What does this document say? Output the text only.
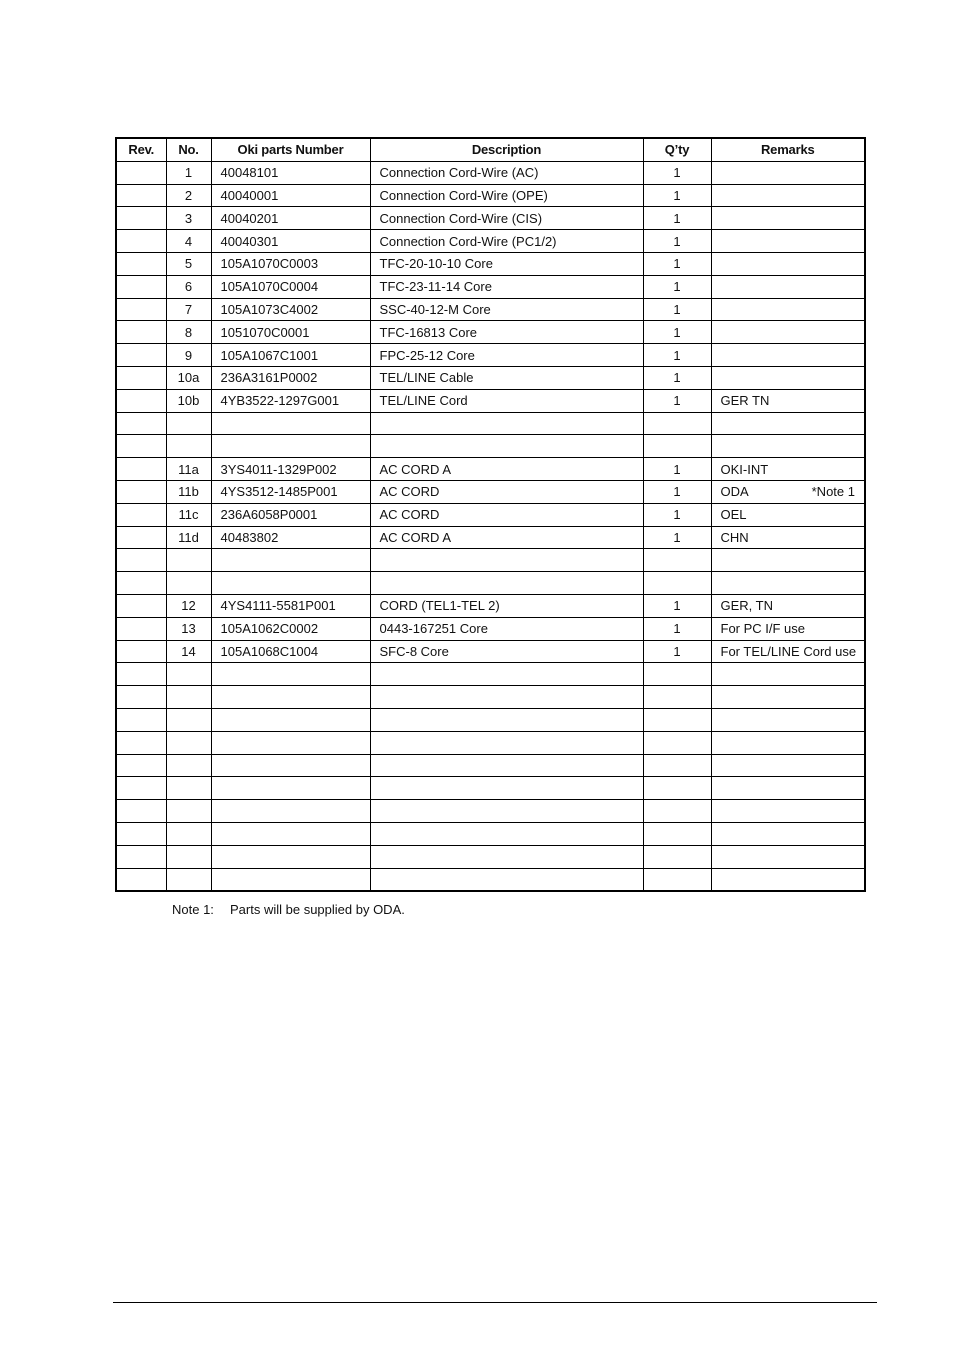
Rev.	No.	Oki parts Number	Description	Q’ty	Remarks
	1	40048101	Connection Cord-Wire (AC)	1	

	2	40040001	Connection Cord-Wire (OPE)	1	

	3	40040201	Connection Cord-Wire (CIS)	1	

	4	40040301	Connection Cord-Wire (PC1/2)	1	

	5	105A1070C0003	TFC-20-10-10 Core	1	

	6	105A1070C0004	TFC-23-11-14 Core	1	

	7	105A1073C4002	SSC-40-12-M Core	1	

	8	1051070C0001	TFC-16813 Core	1	

	9	105A1067C1001	FPC-25-12 Core	1	

	10a	236A3161P0002	TEL/LINE Cable	1	

	10b	4YB3522-1297G001	TEL/LINE Cord	1	GER TN

	11a	3YS4011-1329P002	AC CORD A	1	OKI-INT

	11b	4YS3512-1485P001	AC CORD	1	ODA *Note 1

	11c	236A6058P0001	AC CORD	1	OEL

	11d	40483802	AC CORD A	1	CHN

	12	4YS4111-5581P001	CORD (TEL1-TEL 2)	1	GER, TN

	13	105A1062C0002	0443-167251 Core	1	For PC I/F use

	14	105A1068C1004	SFC-8 Core	1	For TEL/LINE Cord use

Note 1: Parts will be supplied by ODA.
